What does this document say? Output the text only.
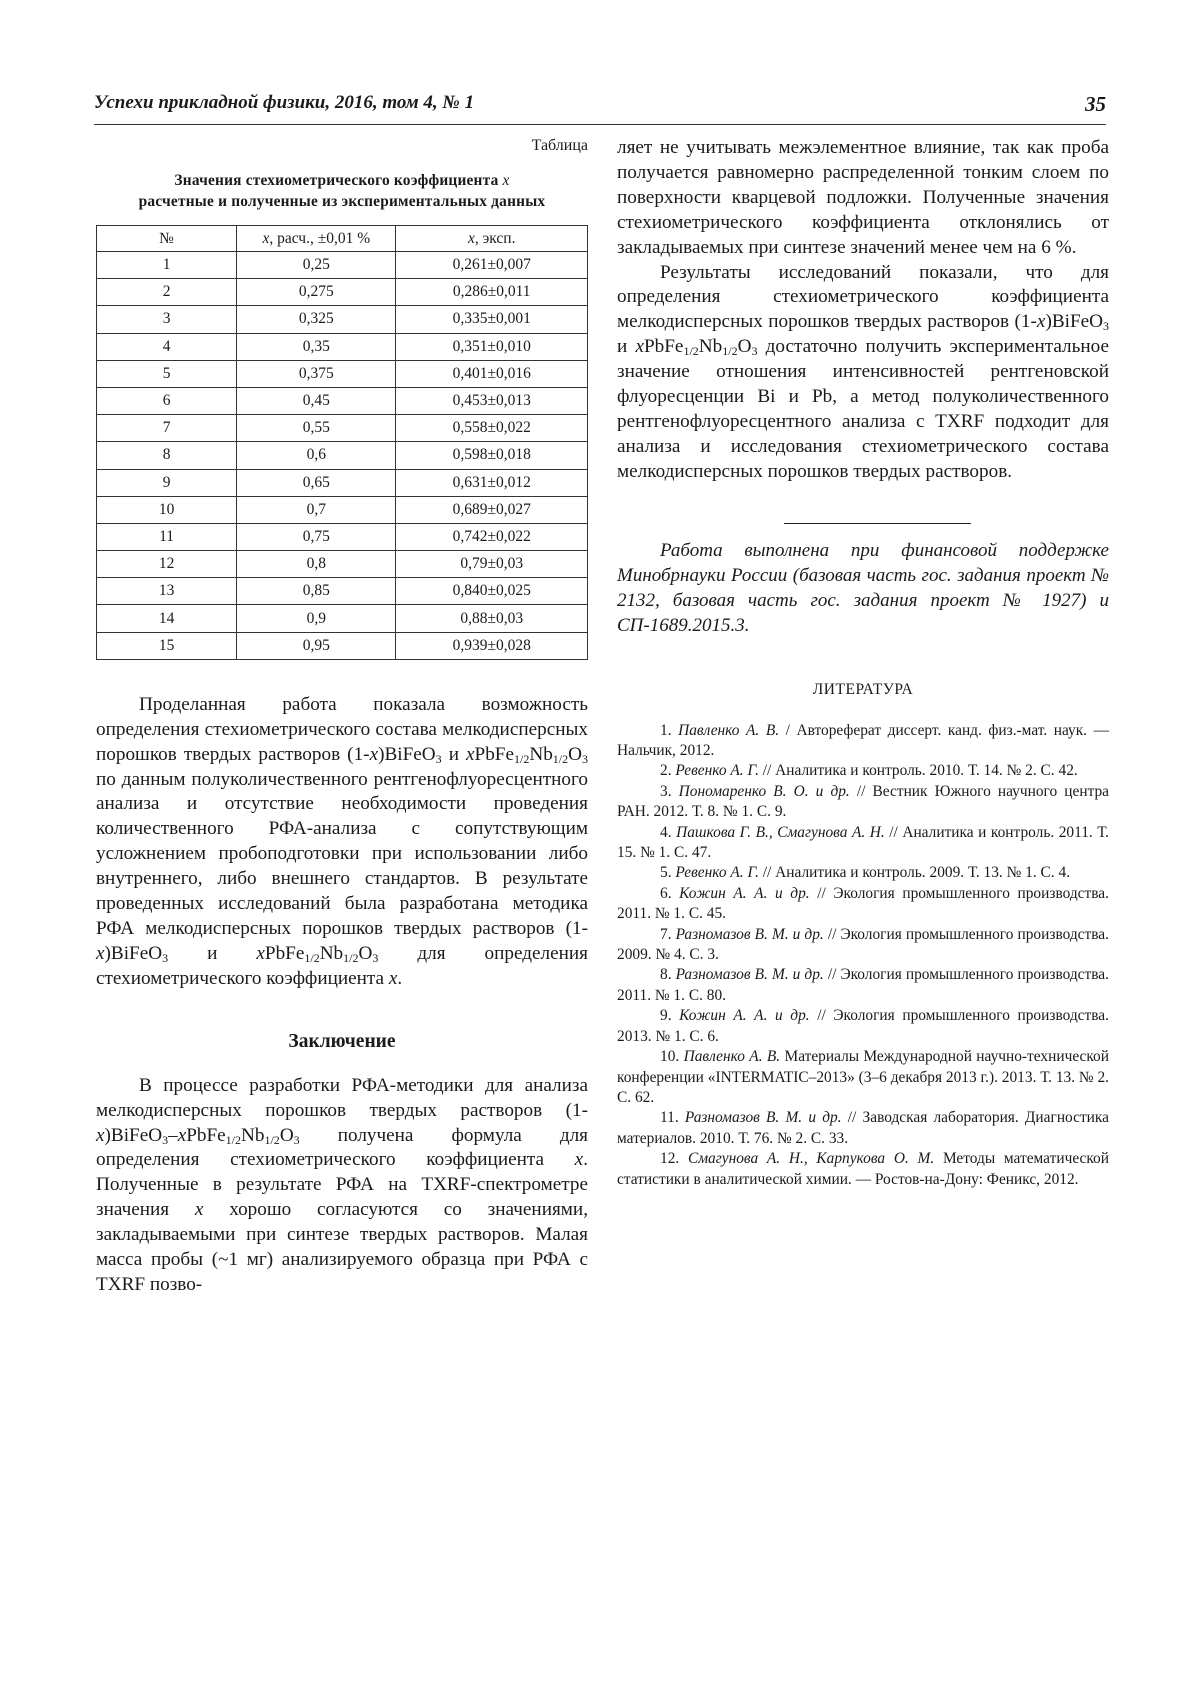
Успехи прикладной физики, 2016, том 4, № 1	35
Таблица
Значения стехиометрического коэффициента x
расчетные и полученные из экспериментальных данных
№	x, расч., ±0,01 %	x, эксп.
1	0,25	0,261±0,007
2	0,275	0,286±0,011
3	0,325	0,335±0,001
4	0,35	0,351±0,010
5	0,375	0,401±0,016
6	0,45	0,453±0,013
7	0,55	0,558±0,022
8	0,6	0,598±0,018
9	0,65	0,631±0,012
10	0,7	0,689±0,027
11	0,75	0,742±0,022
12	0,8	0,79±0,03
13	0,85	0,840±0,025
14	0,9	0,88±0,03
15	0,95	0,939±0,028

Проделанная работа показала возможность определения стехиометрического состава мелкодисперсных порошков твердых растворов (1-x)BiFeO$_3$ и $xPbFe_{1/2}Nb_{1/2}O_3$ по данным полуколичественного рентгенофлуоресцентного анализа и отсутствие необходимости проведения количественного РФА-анализа с сопутствующим усложнением пробоподготовки при использовании либо внутреннего, либо внешнего стандартов. В результате проведенных исследований была разработана методика РФА мелкодисперсных порошков твердых растворов (1-x)BiFeO$_3$ и $xPbFe_{1/2}Nb_{1/2}O_3$ для определения стехиометрического коэффициента x.

Заключение

В процессе разработки РФА-методики для анализа мелкодисперсных порошков твердых растворов $(1-x)BiFeO_3-xPbFe_{1/2}Nb_{1/2}O_3$ получена формула для определения стехиометрического коэффициента x. Полученные в результате РФА на TXRF-спектрометре значения x хорошо согласуются со значениями, закладываемыми при синтезе твердых растворов. Малая масса пробы (~1 мг) анализируемого образца при РФА с TXRF позво-

ляет не учитывать межэлементное влияние, так как проба получается равномерно распределенной тонким слоем по поверхности кварцевой подложки. Полученные значения стехиометрического коэффициента отклонялись от закладываемых при синтезе значений менее чем на 6 %.

Результаты исследований показали, что для определения стехиометрического коэффициента мелкодисперсных порошков твердых растворов (1-x)BiFeO$_3$ и $xPbFe_{1/2}Nb_{1/2}O_3$ достаточно получить экспериментальное значение отношения интенсивностей рентгеновской флуоресценции Bi и Pb, а метод полуколичественного рентгенофлуоресцентного анализа с TXRF подходит для анализа и исследования стехиометрического состава мелкодисперсных порошков твердых растворов.

Работа выполнена при финансовой поддержке Минобрнауки России (базовая часть гос. задания проект № 2132, базовая часть гос. задания проект № 1927) и СП-1689.2015.3.

ЛИТЕРАТУРА

1. Павленко А. В. / Автореферат диссерт. канд. физ.-мат. наук. — Нальчик, 2012.

2. Ревенко А. Г. // Аналитика и контроль. 2010. Т. 14. № 2. С. 42.

3. Пономаренко В. О. и др. // Вестник Южного научного центра РАН. 2012. Т. 8. № 1. С. 9.

4. Пашкова Г. В., Смагунова А. Н. // Аналитика и контроль. 2011. Т. 15. № 1. С. 47.

5. Ревенко А. Г. // Аналитика и контроль. 2009. Т. 13. № 1. С. 4.

6. Кожин А. А. и др. // Экология промышленного производства. 2011. № 1. С. 45.

7. Разномазов В. М. и др. // Экология промышленного производства. 2009. № 4. С. 3.

8. Разномазов В. М. и др. // Экология промышленного производства. 2011. № 1. С. 80.

9. Кожин А. А. и др. // Экология промышленного производства. 2013. № 1. С. 6.

10. Павленко А. В. Материалы Международной научно-технической конференции «INTERMATIC–2013» (3–6 декабря 2013 г.). 2013. Т. 13. № 2. С. 62.

11. Разномазов В. М. и др. // Заводская лаборатория. Диагностика материалов. 2010. Т. 76. № 2. С. 33.

12. Смагунова А. Н., Карпукова О. М. Методы математической статистики в аналитической химии. — Ростов-на-Дону: Феникс, 2012.
